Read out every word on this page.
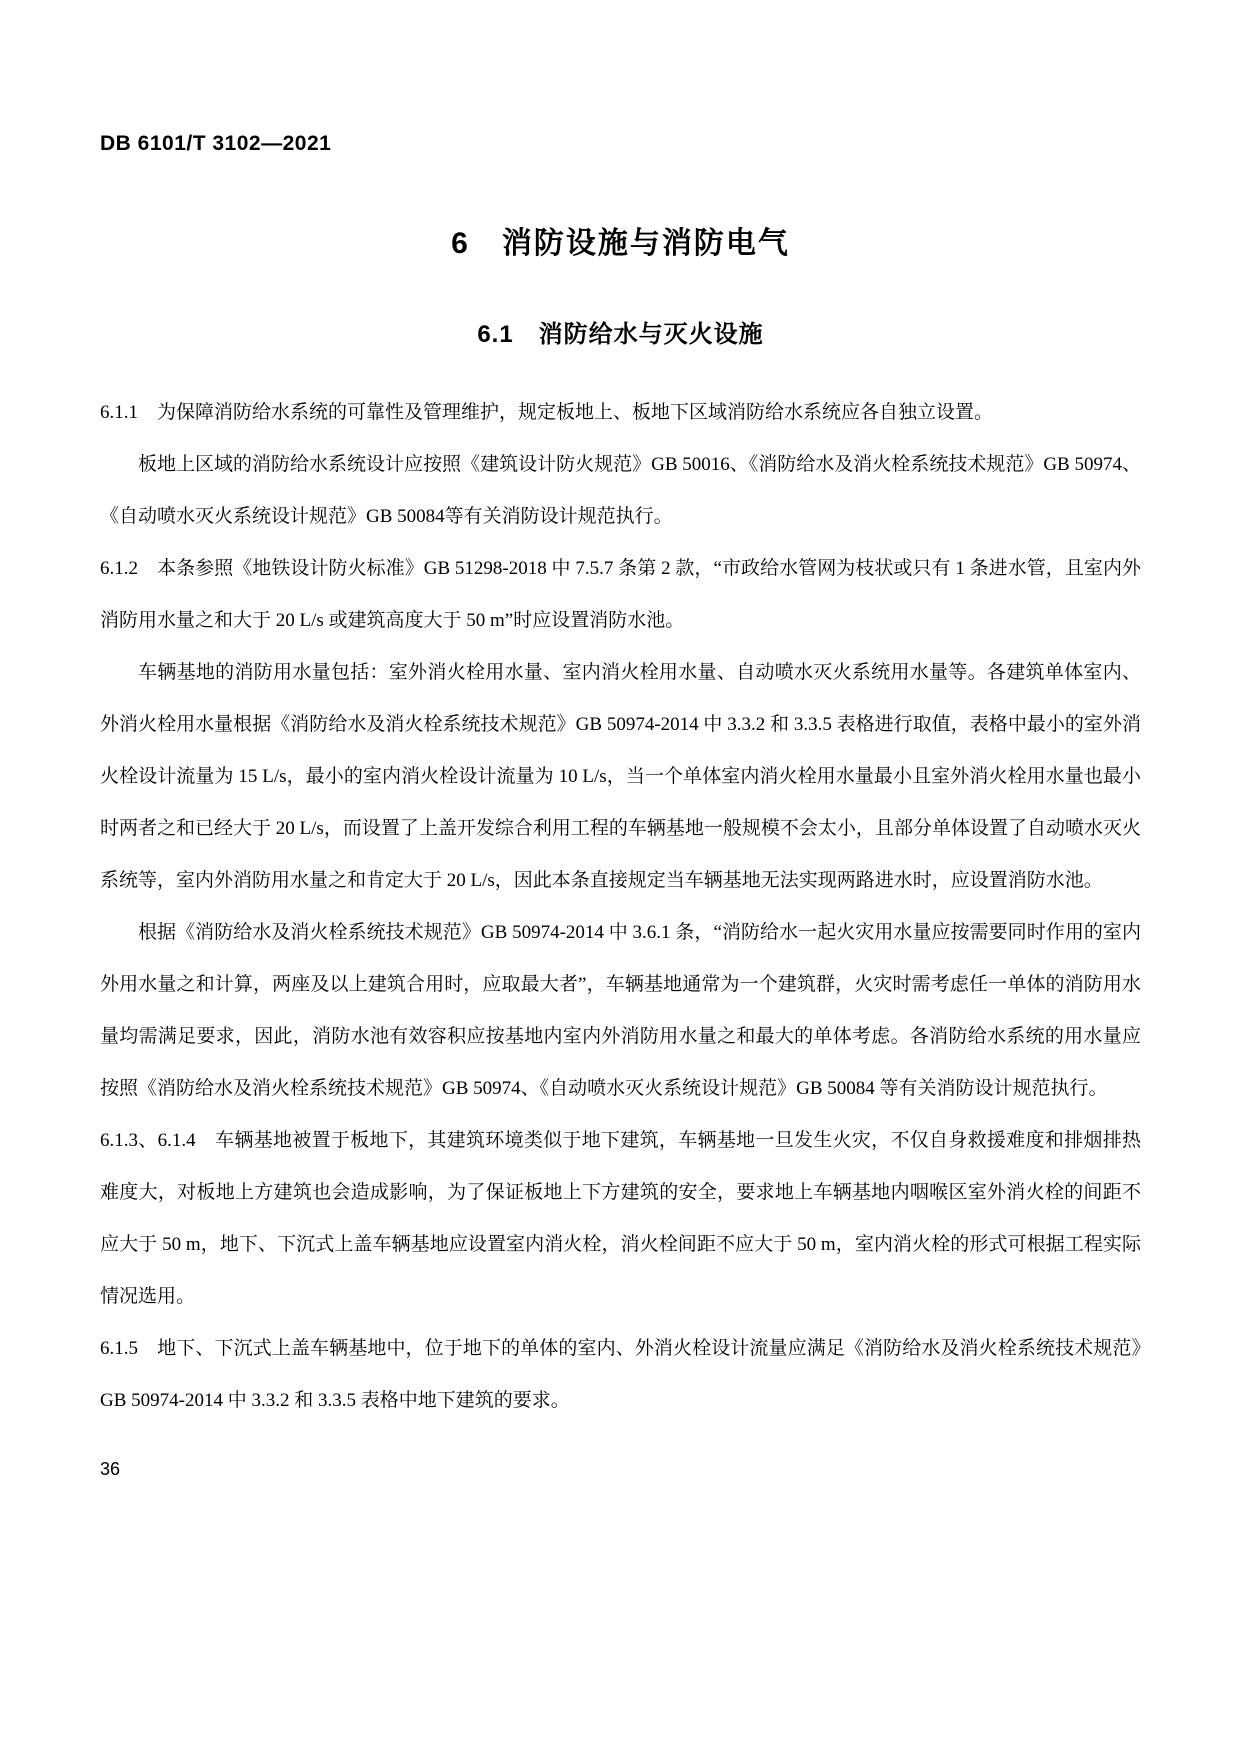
DB 6101/T 3102—2021
6　消防设施与消防电气
6.1　消防给水与灭火设施

6.1.1　为保障消防给水系统的可靠性及管理维护，规定板地上、板地下区域消防给水系统应各自独立设置。

板地上区域的消防给水系统设计应按照《建筑设计防火规范》GB 50016、《消防给水及消火栓系统技术规范》GB 50974、《自动喷水灭火系统设计规范》GB 50084等有关消防设计规范执行。

6.1.2　本条参照《地铁设计防火标准》GB 51298-2018 中 7.5.7 条第 2 款，“市政给水管网为枝状或只有 1 条进水管，且室内外消防用水量之和大于 20 L/s 或建筑高度大于 50 m”时应设置消防水池。

车辆基地的消防用水量包括：室外消火栓用水量、室内消火栓用水量、自动喷水灭火系统用水量等。各建筑单体室内、外消火栓用水量根据《消防给水及消火栓系统技术规范》GB 50974-2014 中 3.3.2 和 3.3.5 表格进行取值，表格中最小的室外消火栓设计流量为 15 L/s，最小的室内消火栓设计流量为 10 L/s，当一个单体室内消火栓用水量最小且室外消火栓用水量也最小时两者之和已经大于 20 L/s，而设置了上盖开发综合利用工程的车辆基地一般规模不会太小，且部分单体设置了自动喷水灭火系统等，室内外消防用水量之和肯定大于 20 L/s，因此本条直接规定当车辆基地无法实现两路进水时，应设置消防水池。

根据《消防给水及消火栓系统技术规范》GB 50974-2014 中 3.6.1 条，“消防给水一起火灾用水量应按需要同时作用的室内外用水量之和计算，两座及以上建筑合用时，应取最大者”，车辆基地通常为一个建筑群，火灾时需考虑任一单体的消防用水量均需满足要求，因此，消防水池有效容积应按基地内室内外消防用水量之和最大的单体考虑。各消防给水系统的用水量应按照《消防给水及消火栓系统技术规范》GB 50974、《自动喷水灭火系统设计规范》GB 50084 等有关消防设计规范执行。

6.1.3、6.1.4　车辆基地被置于板地下，其建筑环境类似于地下建筑，车辆基地一旦发生火灾，不仅自身救援难度和排烟排热难度大，对板地上方建筑也会造成影响，为了保证板地上下方建筑的安全，要求地上车辆基地内咽喉区室外消火栓的间距不应大于 50 m，地下、下沉式上盖车辆基地应设置室内消火栓，消火栓间距不应大于 50 m，室内消火栓的形式可根据工程实际情况选用。

6.1.5　地下、下沉式上盖车辆基地中，位于地下的单体的室内、外消火栓设计流量应满足《消防给水及消火栓系统技术规范》GB 50974-2014 中 3.3.2 和 3.3.5 表格中地下建筑的要求。

36
